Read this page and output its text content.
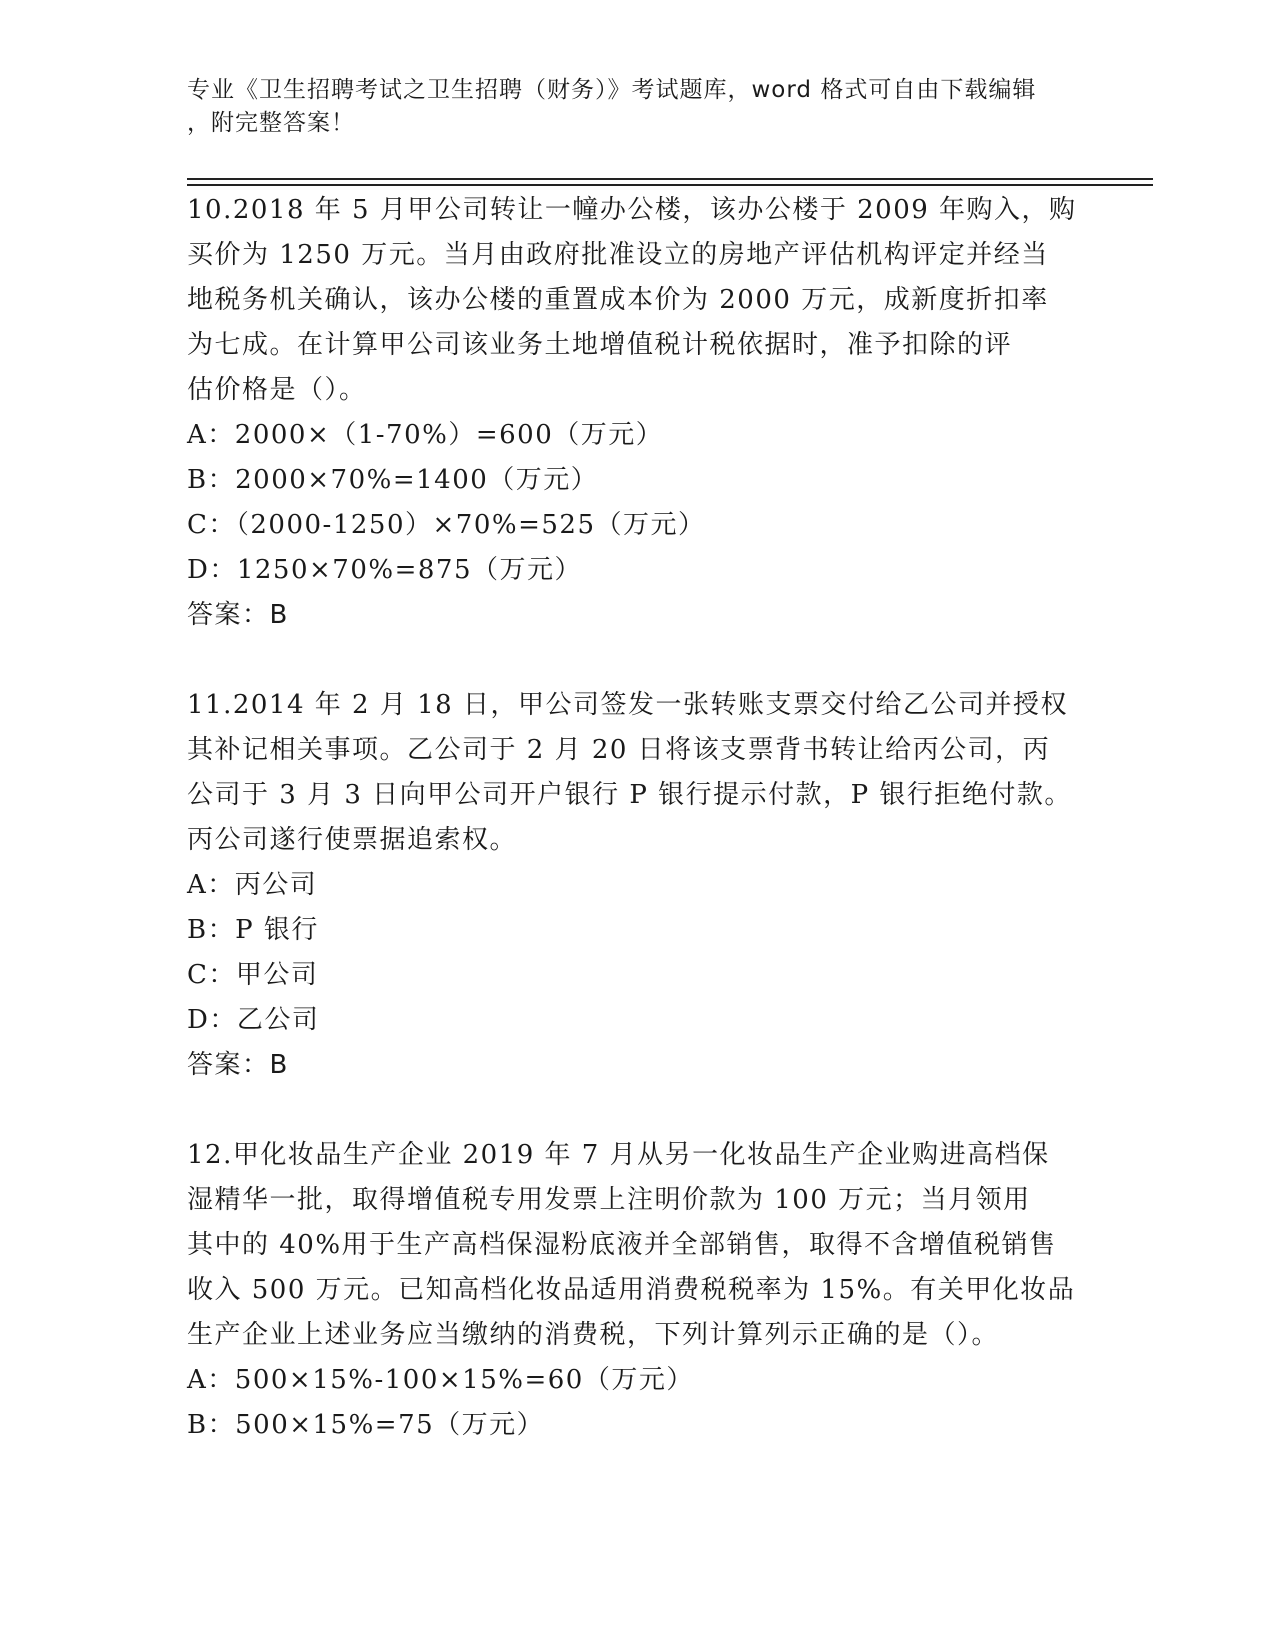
专业《卫生招聘考试之卫生招聘（财务）》考试题库，word 格式可自由下载编辑
，附完整答案！

10.2018 年 5 月甲公司转让一幢办公楼，该办公楼于 2009 年购入，购

买价为 1250 万元。当月由政府批准设立的房地产评估机构评定并经当

地税务机关确认，该办公楼的重置成本价为 2000 万元，成新度折扣率

为七成。在计算甲公司该业务土地增值税计税依据时，准予扣除的评

估价格是（）。

A：2000×（1-70%）=600（万元）

B：2000×70%=1400（万元）

C：（2000-1250）×70%=525（万元）

D：1250×70%=875（万元）

答案：B

11.2014 年 2 月 18 日，甲公司签发一张转账支票交付给乙公司并授权

其补记相关事项。乙公司于 2 月 20 日将该支票背书转让给丙公司，丙

公司于 3 月 3 日向甲公司开户银行 P 银行提示付款，P 银行拒绝付款。

丙公司遂行使票据追索权。

A：丙公司

B：P 银行

C：甲公司

D：乙公司

答案：B

12.甲化妆品生产企业 2019 年 7 月从另一化妆品生产企业购进高档保

湿精华一批，取得增值税专用发票上注明价款为 100 万元；当月领用

其中的 40%用于生产高档保湿粉底液并全部销售，取得不含增值税销售

收入 500 万元。已知高档化妆品适用消费税税率为 15%。有关甲化妆品

生产企业上述业务应当缴纳的消费税，下列计算列示正确的是（）。

A：500×15%-100×15%=60（万元）

B：500×15%=75（万元）
